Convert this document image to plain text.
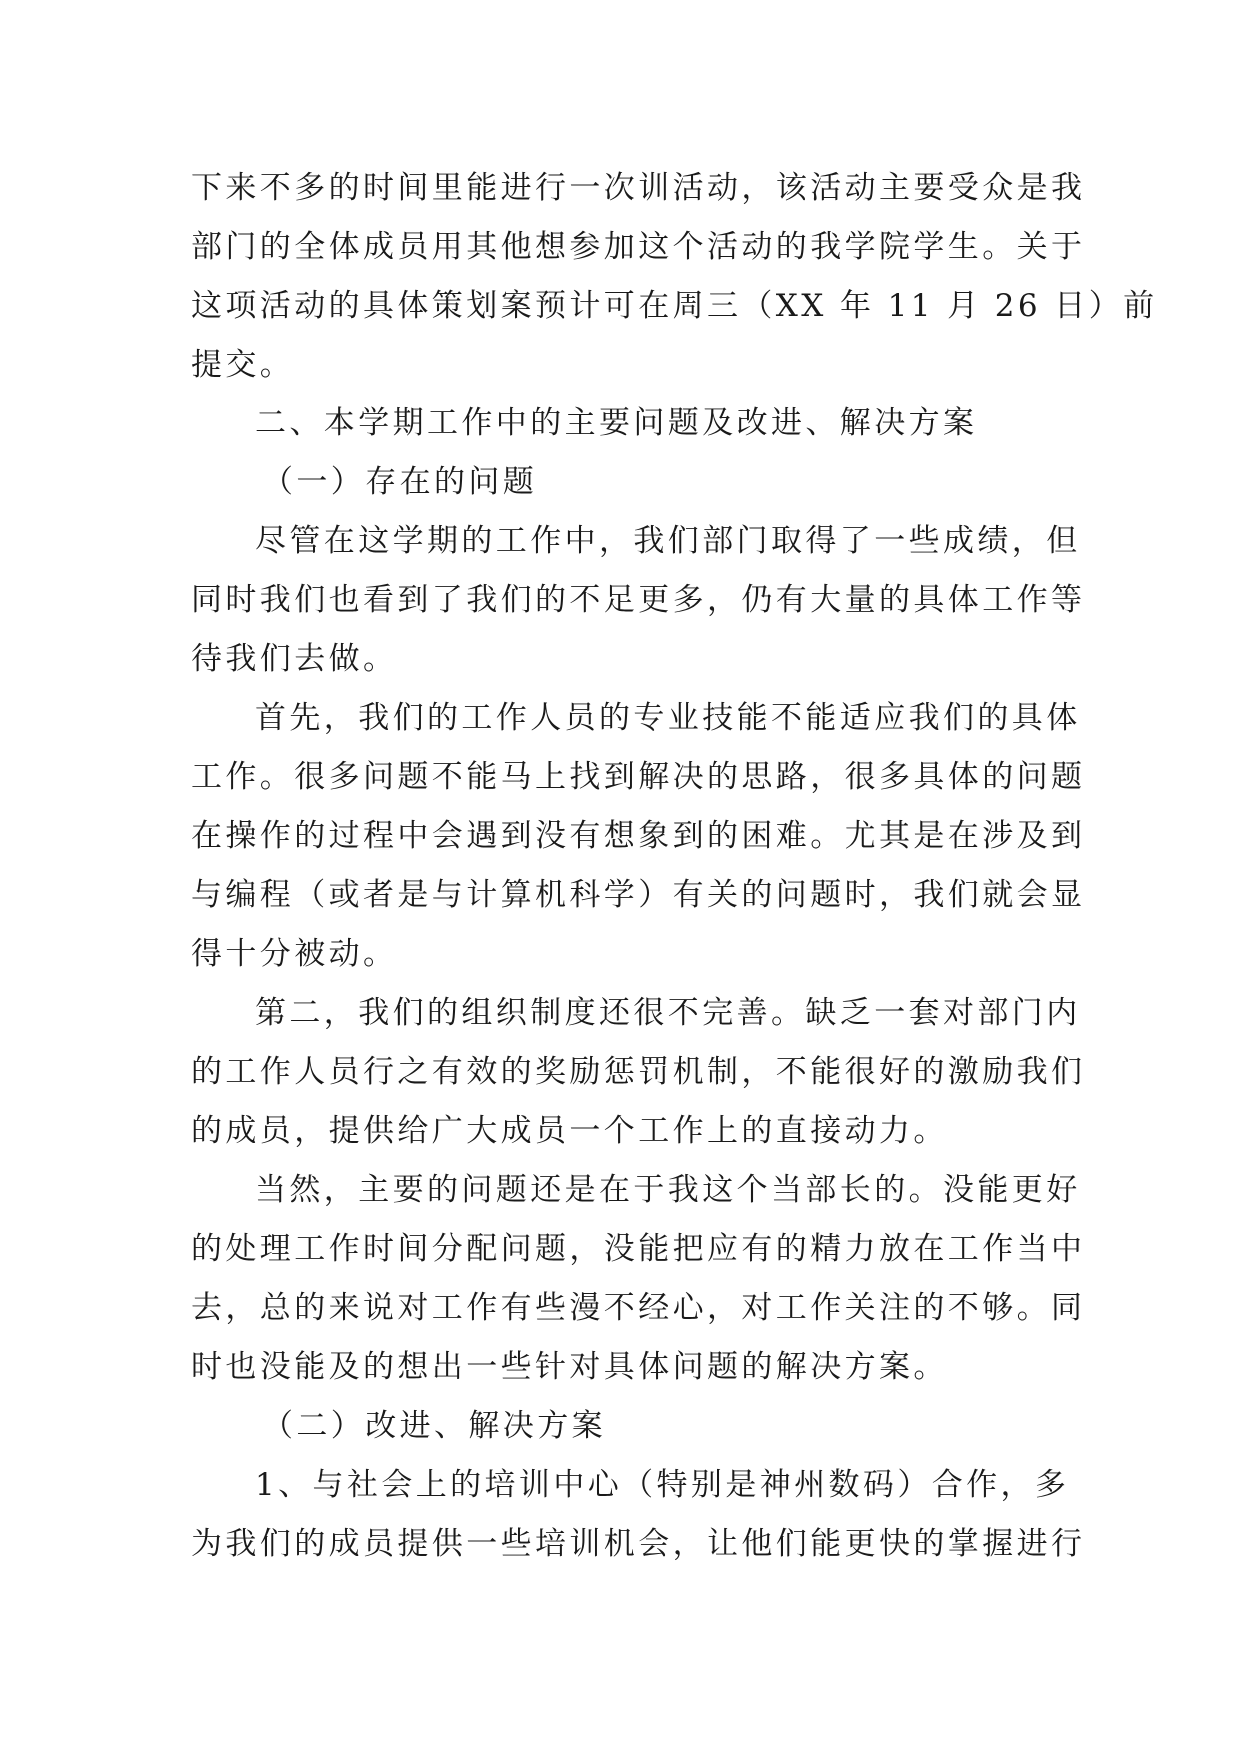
下来不多的时间里能进行一次训活动，该活动主要受众是我
部门的全体成员用其他想参加这个活动的我学院学生。关于
这项活动的具体策划案预计可在周三（XX 年 11 月 26 日）前
提交。
二、本学期工作中的主要问题及改进、解决方案
（一）存在的问题
尽管在这学期的工作中，我们部门取得了一些成绩，但
同时我们也看到了我们的不足更多，仍有大量的具体工作等
待我们去做。
首先，我们的工作人员的专业技能不能适应我们的具体
工作。很多问题不能马上找到解决的思路，很多具体的问题
在操作的过程中会遇到没有想象到的困难。尤其是在涉及到
与编程（或者是与计算机科学）有关的问题时，我们就会显
得十分被动。
第二，我们的组织制度还很不完善。缺乏一套对部门内
的工作人员行之有效的奖励惩罚机制，不能很好的激励我们
的成员，提供给广大成员一个工作上的直接动力。
当然，主要的问题还是在于我这个当部长的。没能更好
的处理工作时间分配问题，没能把应有的精力放在工作当中
去，总的来说对工作有些漫不经心，对工作关注的不够。同
时也没能及的想出一些针对具体问题的解决方案。
（二）改进、解决方案
1、与社会上的培训中心（特别是神州数码）合作，多
为我们的成员提供一些培训机会，让他们能更快的掌握进行
